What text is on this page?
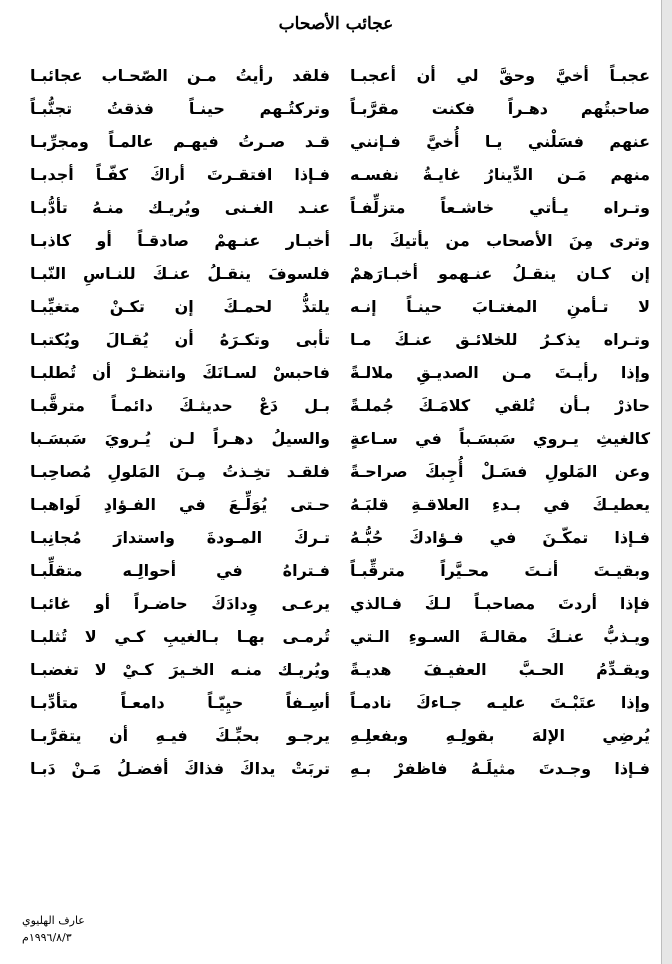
عجائب الأصحاب
عجبـاً
أخيَّ
وحقَّ
لي
أن
أعجبـا
فلقد
رأيتُ
مـن
الصّحـاب
عجائبـا
صاحبتُهم
دهـراً
فكنت
مقرَّبـاً
وتركتُـهم
حينـاً
فذقتُ
تجنُّبـاً
عنهم
فسَلْني
يـا
أُخيَّ
فـإنني
قـد
صـرتُ
فيهـم
عالمـاً
ومجرِّبـا
منهم
مَـن
الدِّينارُ
غايـةُ
نفسـه
فـإذا
افتقـرتَ
أراكَ
كفّـاً
أجدبـا
وتـراه
يـأتي
خاشـعاً
متزلِّفـاً
عنـد
الغـنى
ويُريـك
منـهُ
تأدُّبـا
وترى
مِنَ
الأصحاب
من
يأتيكَ
بالـ
أخبـار
عنـهمْ
صادقـاً
أو
كاذبـا
إن
كـان
ينقـلُ
عنـهمو
أخبـارَهمْ
فلسوفَ
ينقـلُ
عنـكَ
للنـاسِ
النّبـا
لا
تـأمنِ
المغتـابَ
حينـاً
إنـه
يلتذُّ
لحمـكَ
إن
تكـنْ
متغيِّبـا
وتـراه
يذكـرُ
للخلائـق
عنـكَ
مـا
تأبى
وتكـرَهُ
أن
يُقـالَ
ويُكتبـا
وإذا
رأيـتَ
مـن
الصديـقِ
ملالـةً
فاحبسْ
لسـانَكَ
وانتظـرْ
أن
تُطلبـا
حاذرْ
بـأن
تُلقي
كلامَـكَ
جُملـةً
بـل
دَعْ
حديثـكَ
دائمـاً
مترقَّبـا
كالغيثِ
يـروي
سَبسَـباً
في
سـاعةٍ
والسيلُ
دهـراً
لـن
يُـرويَ
سَبسَـبا
وعن
المَلولِ
فسَـلْ
أُجِبكَ
صراحـةً
فلقـد
تخِـذتُ
مِـنَ
المَلولِ
مُصاحِبـا
يعطيـكَ
في
بـدءِ
العلاقـةِ
قلبَـهُ
حـتى
يُوَلِّـعَ
في
الفـؤادِ
لَواهبـا
فـإذا
تمكّـنَ
في
فـؤادكَ
حُبُّـهُ
تـركَ
المـودةَ
واستدارَ
مُجانِبـا
وبقيـتَ
أنـتَ
محـيَّراً
مترقِّبـاً
فـتراهُ
في
أحوالِـه
متقلِّبـا
فإذا
أردتَ
مصاحبـاً
لـكَ
فـالذي
يرعـى
وِدادَكَ
حاضـراً
أو
غائبـا
ويـذبُّ
عنـكَ
مقالـةَ
السـوءِ
الـتي
تُرمـى
بهـا
بـالغيبِ
كـي
لا
تُثلبـا
ويقـدِّمُ
الحـبَّ
العفيـفَ
هديـةً
ويُريـك
منـه
الخـيرَ
كـيْ
لا
تغضبـا
وإذا
عتَبْـتَ
عليـه
جـاءكَ
نادمـاً
أسِـفاً
حيِيّـاً
دامعـاً
متأدِّبـا
يُرضِي
الإلهَ
بقولِـهِ
وبفعلِـهِ
يرجـو
بحبِّـكَ
فيـهِ
أن
يتقرَّبـا
فـإذا
وجـدتَ
مثيلَـهُ
فاظفرْ
بـهِ
تربَتْ
يداكَ
فذاكَ
أفضـلُ
مَـنْ
دَبـا
عارف الهليوي
١٩٩٦/٨/٣م
